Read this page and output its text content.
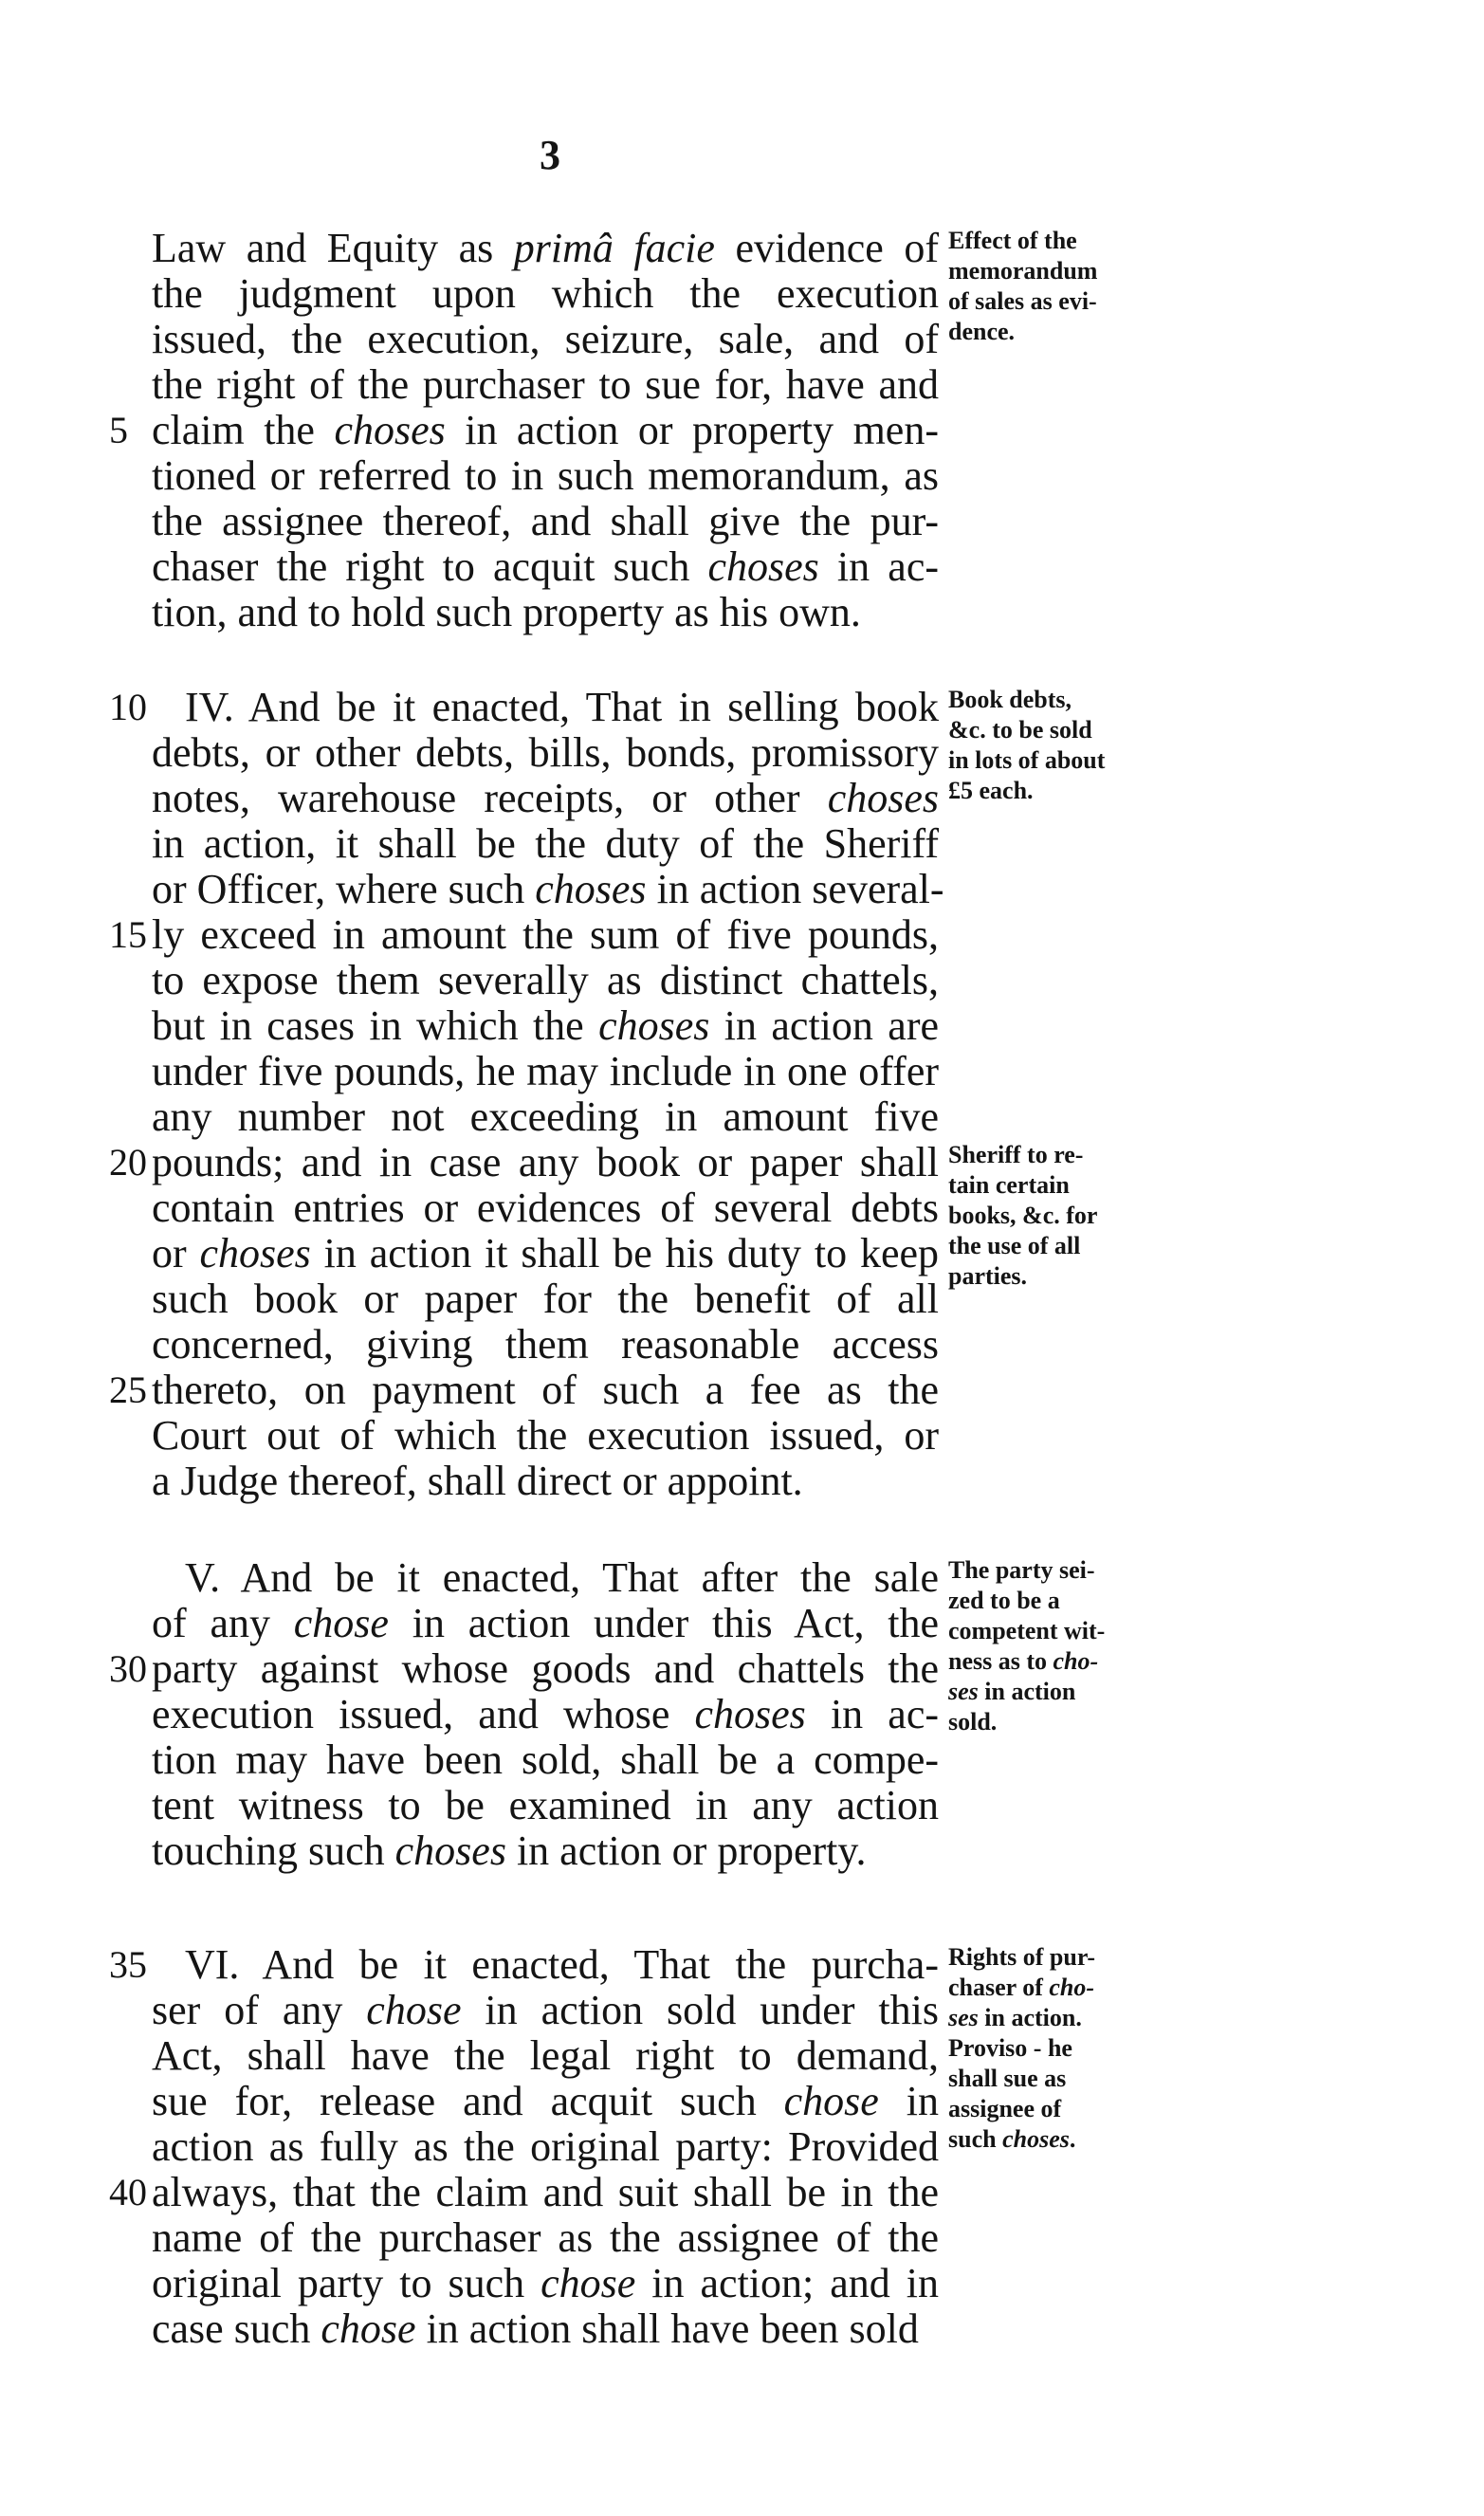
3
Law and Equity as primâ facie evidence of
the judgment upon which the execution
issued, the execution, seizure, sale, and of
the right of the purchaser to sue for, have and
claim the choses in action or property men-
5
tioned or referred to in such memorandum, as
the assignee thereof, and shall give the pur-
chaser the right to acquit such choses in ac-
tion, and to hold such property as his own.
Effect of the
memorandum
of sales as evi-
dence.
IV. And be it enacted, That in selling book
10
debts, or other debts, bills, bonds, promissory
notes, warehouse receipts, or other choses
in action, it shall be the duty of the Sheriff
or Officer, where such choses in action several-
ly exceed in amount the sum of five pounds,
15
to expose them severally as distinct chattels,
but in cases in which the choses in action are
under five pounds, he may include in one offer
any number not exceeding in amount five
pounds; and in case any book or paper shall
20
contain entries or evidences of several debts
or choses in action it shall be his duty to keep
such book or paper for the benefit of all
concerned, giving them reasonable access
thereto, on payment of such a fee as the
25
Court out of which the execution issued, or
a Judge thereof, shall direct or appoint.
Book debts,
&c. to be sold
in lots of about
£5 each.
Sheriff to re-
tain certain
books, &c. for
the use of all
parties.
V. And be it enacted, That after the sale
of any chose in action under this Act, the
party against whose goods and chattels the
30
execution issued, and whose choses in ac-
tion may have been sold, shall be a compe-
tent witness to be examined in any action
touching such choses in action or property.
The party sei-
zed to be a
competent wit-
ness as to cho-
ses in action
sold.
VI. And be it enacted, That the purcha-
35
ser of any chose in action sold under this
Act, shall have the legal right to demand,
sue for, release and acquit such chose in
action as fully as the original party: Provided
always, that the claim and suit shall be in the
40
name of the purchaser as the assignee of the
original party to such chose in action; and in
case such chose in action shall have been sold
Rights of pur-
chaser of cho-
ses in action.
Proviso - he
shall sue as
assignee of
such choses.
